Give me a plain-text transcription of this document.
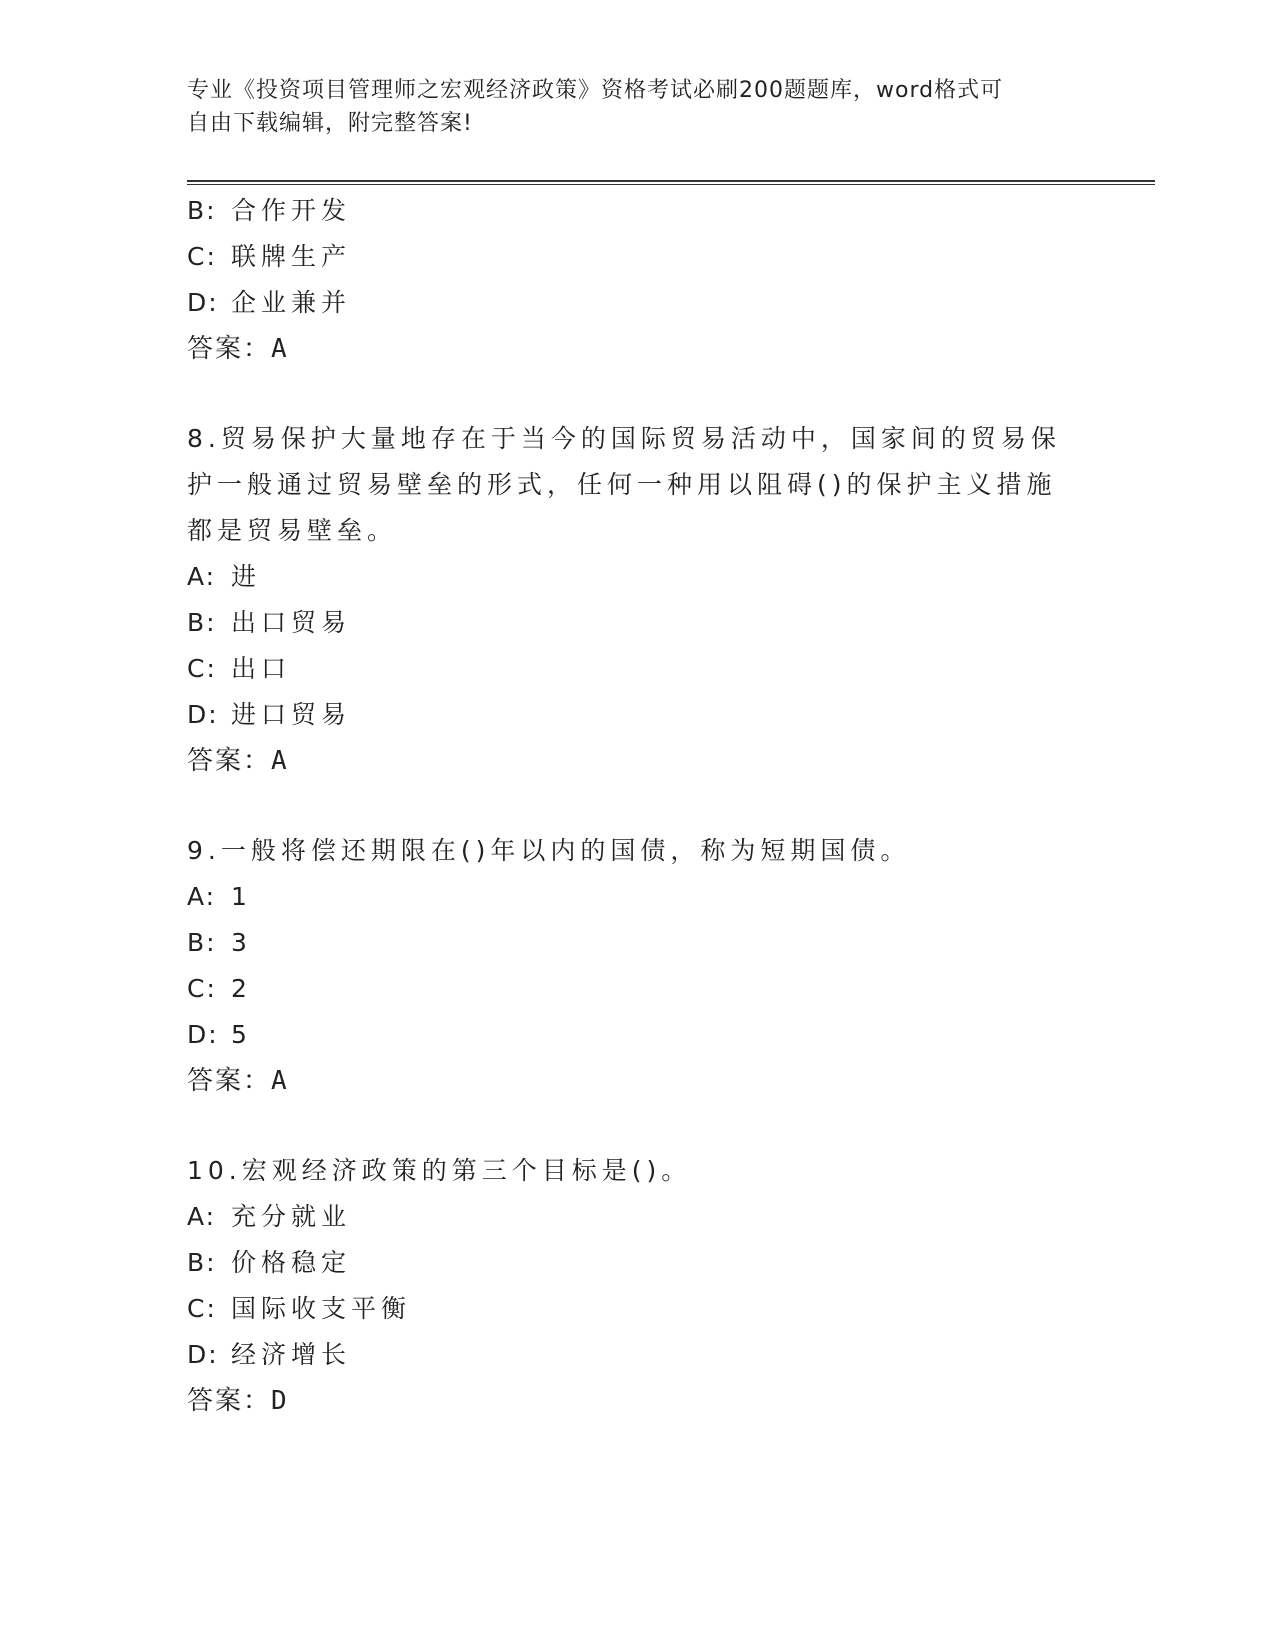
专业《投资项目管理师之宏观经济政策》资格考试必刷200题题库，word格式可
自由下载编辑，附完整答案!
B: 合作开发
C: 联牌生产
D: 企业兼并
答案：A
8.贸易保护大量地存在于当今的国际贸易活动中，国家间的贸易保护一般通过贸易壁垒的形式，任何一种用以阻碍()的保护主义措施都是贸易壁垒。
A: 进
B: 出口贸易
C: 出口
D: 进口贸易
答案：A
9.一般将偿还期限在()年以内的国债，称为短期国债。
A: 1
B: 3
C: 2
D: 5
答案：A
10.宏观经济政策的第三个目标是()。
A: 充分就业
B: 价格稳定
C: 国际收支平衡
D: 经济增长
答案：D
